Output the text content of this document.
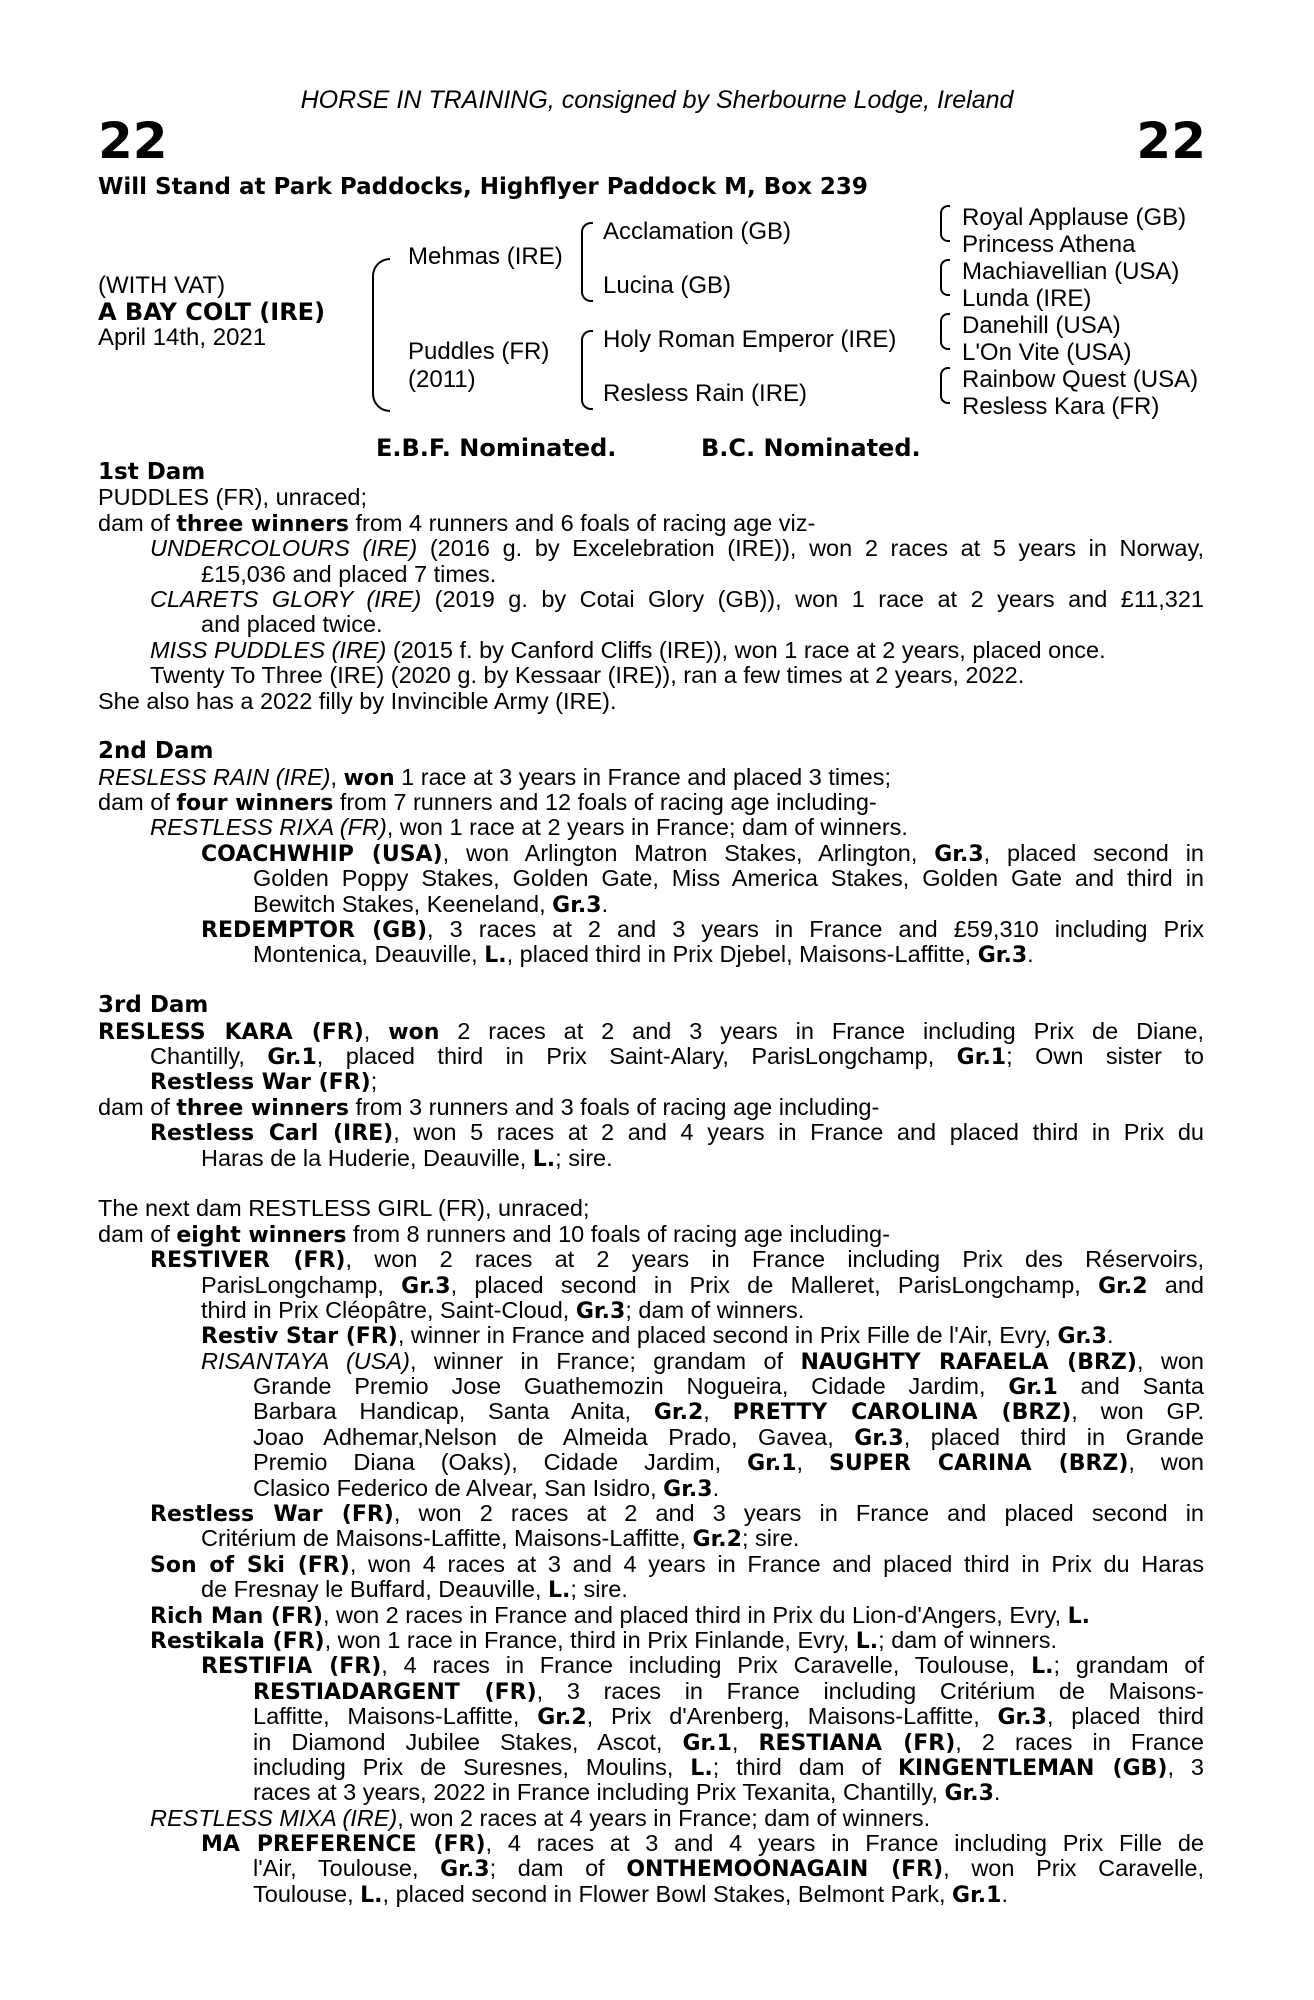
HORSE IN TRAINING, consigned by Sherbourne Lodge, Ireland
22	22
Will Stand at Park Paddocks, Highflyer Paddock M, Box 239
(WITH VAT)
A BAY COLT (IRE)
April 14th, 2021
Mehmas (IRE)
Puddles (FR)
(2011)
Acclamation (GB)
Lucina (GB)
Holy Roman Emperor (IRE)
Resless Rain (IRE)
Royal Applause (GB)
Princess Athena
Machiavellian (USA)
Lunda (IRE)
Danehill (USA)
L'On Vite (USA)
Rainbow Quest (USA)
Resless Kara (FR)
E.B.F. Nominated.	B.C. Nominated.
1st Dam
PUDDLES (FR), unraced;
dam of three winners from 4 runners and 6 foals of racing age viz-
UNDERCOLOURS (IRE) (2016 g. by Excelebration (IRE)), won 2 races at 5 years in Norway,
£15,036 and placed 7 times.
CLARETS GLORY (IRE) (2019 g. by Cotai Glory (GB)), won 1 race at 2 years and £11,321
and placed twice.
MISS PUDDLES (IRE) (2015 f. by Canford Cliffs (IRE)), won 1 race at 2 years, placed once.
Twenty To Three (IRE) (2020 g. by Kessaar (IRE)), ran a few times at 2 years, 2022.
She also has a 2022 filly by Invincible Army (IRE).
2nd Dam
RESLESS RAIN (IRE), won 1 race at 3 years in France and placed 3 times;
dam of four winners from 7 runners and 12 foals of racing age including-
RESTLESS RIXA (FR), won 1 race at 2 years in France; dam of winners.
COACHWHIP (USA), won Arlington Matron Stakes, Arlington, Gr.3, placed second in
Golden Poppy Stakes, Golden Gate, Miss America Stakes, Golden Gate and third in
Bewitch Stakes, Keeneland, Gr.3.
REDEMPTOR (GB), 3 races at 2 and 3 years in France and £59,310 including Prix
Montenica, Deauville, L., placed third in Prix Djebel, Maisons-Laffitte, Gr.3.
3rd Dam
RESLESS KARA (FR), won 2 races at 2 and 3 years in France including Prix de Diane,
Chantilly, Gr.1, placed third in Prix Saint-Alary, ParisLongchamp, Gr.1; Own sister to
Restless War (FR);
dam of three winners from 3 runners and 3 foals of racing age including-
Restless Carl (IRE), won 5 races at 2 and 4 years in France and placed third in Prix du
Haras de la Huderie, Deauville, L.; sire.
The next dam RESTLESS GIRL (FR), unraced;
dam of eight winners from 8 runners and 10 foals of racing age including-
RESTIVER (FR), won 2 races at 2 years in France including Prix des Réservoirs,
ParisLongchamp, Gr.3, placed second in Prix de Malleret, ParisLongchamp, Gr.2 and
third in Prix Cléopâtre, Saint-Cloud, Gr.3; dam of winners.
Restiv Star (FR), winner in France and placed second in Prix Fille de l'Air, Evry, Gr.3.
RISANTAYA (USA), winner in France; grandam of NAUGHTY RAFAELA (BRZ), won
Grande Premio Jose Guathemozin Nogueira, Cidade Jardim, Gr.1 and Santa
Barbara Handicap, Santa Anita, Gr.2, PRETTY CAROLINA (BRZ), won GP.
Joao Adhemar,Nelson de Almeida Prado, Gavea, Gr.3, placed third in Grande
Premio Diana (Oaks), Cidade Jardim, Gr.1, SUPER CARINA (BRZ), won
Clasico Federico de Alvear, San Isidro, Gr.3.
Restless War (FR), won 2 races at 2 and 3 years in France and placed second in
Critérium de Maisons-Laffitte, Maisons-Laffitte, Gr.2; sire.
Son of Ski (FR), won 4 races at 3 and 4 years in France and placed third in Prix du Haras
de Fresnay le Buffard, Deauville, L.; sire.
Rich Man (FR), won 2 races in France and placed third in Prix du Lion-d'Angers, Evry, L.
Restikala (FR), won 1 race in France, third in Prix Finlande, Evry, L.; dam of winners.
RESTIFIA (FR), 4 races in France including Prix Caravelle, Toulouse, L.; grandam of
RESTIADARGENT (FR), 3 races in France including Critérium de Maisons-
Laffitte, Maisons-Laffitte, Gr.2, Prix d'Arenberg, Maisons-Laffitte, Gr.3, placed third
in Diamond Jubilee Stakes, Ascot, Gr.1, RESTIANA (FR), 2 races in France
including Prix de Suresnes, Moulins, L.; third dam of KINGENTLEMAN (GB), 3
races at 3 years, 2022 in France including Prix Texanita, Chantilly, Gr.3.
RESTLESS MIXA (IRE), won 2 races at 4 years in France; dam of winners.
MA PREFERENCE (FR), 4 races at 3 and 4 years in France including Prix Fille de
l'Air, Toulouse, Gr.3; dam of ONTHEMOONAGAIN (FR), won Prix Caravelle,
Toulouse, L., placed second in Flower Bowl Stakes, Belmont Park, Gr.1.
